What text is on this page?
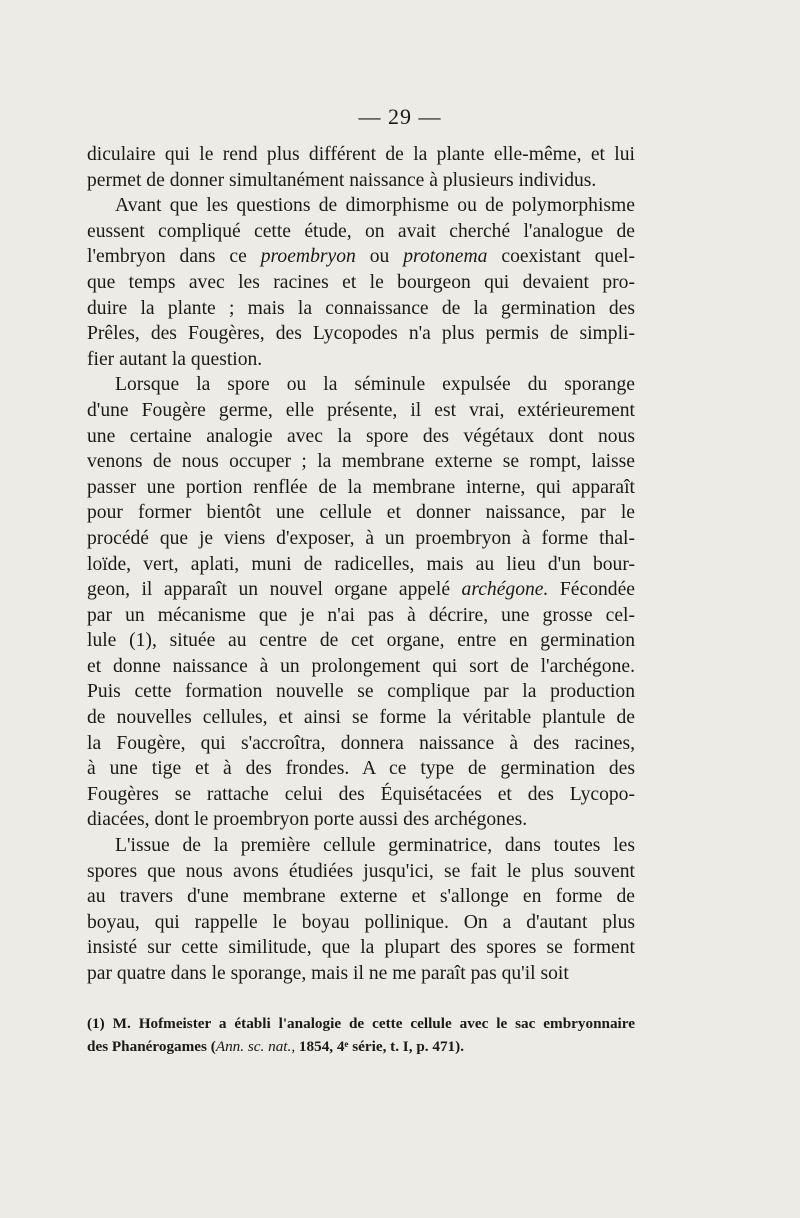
— 29 —
diculaire qui le rend plus différent de la plante elle-même, et lui
permet de donner simultanément naissance à plusieurs individus.
Avant que les questions de dimorphisme ou de polymorphisme
eussent compliqué cette étude, on avait cherché l'analogue de
l'embryon dans ce proembryon ou protonema coexistant quel-
que temps avec les racines et le bourgeon qui devaient pro-
duire la plante ; mais la connaissance de la germination des
Prêles, des Fougères, des Lycopodes n'a plus permis de simpli-
fier autant la question.
Lorsque la spore ou la séminule expulsée du sporange
d'une Fougère germe, elle présente, il est vrai, extérieurement
une certaine analogie avec la spore des végétaux dont nous
venons de nous occuper ; la membrane externe se rompt, laisse
passer une portion renflée de la membrane interne, qui apparaît
pour former bientôt une cellule et donner naissance, par le
procédé que je viens d'exposer, à un proembryon à forme thal-
loïde, vert, aplati, muni de radicelles, mais au lieu d'un bour-
geon, il apparaît un nouvel organe appelé archégone. Fécondée
par un mécanisme que je n'ai pas à décrire, une grosse cel-
lule (1), située au centre de cet organe, entre en germination
et donne naissance à un prolongement qui sort de l'archégone.
Puis cette formation nouvelle se complique par la production
de nouvelles cellules, et ainsi se forme la véritable plantule de
la Fougère, qui s'accroîtra, donnera naissance à des racines,
à une tige et à des frondes. A ce type de germination des
Fougères se rattache celui des Équisétacées et des Lycopo-
diacées, dont le proembryon porte aussi des archégones.
L'issue de la première cellule germinatrice, dans toutes les
spores que nous avons étudiées jusqu'ici, se fait le plus souvent
au travers d'une membrane externe et s'allonge en forme de
boyau, qui rappelle le boyau pollinique. On a d'autant plus
insisté sur cette similitude, que la plupart des spores se forment
par quatre dans le sporange, mais il ne me paraît pas qu'il soit
(1) M. Hofmeister a établi l'analogie de cette cellule avec le sac embryonnaire
des Phanérogames (Ann. sc. nat., 1854, 4ᵉ série, t. I, p. 471).
